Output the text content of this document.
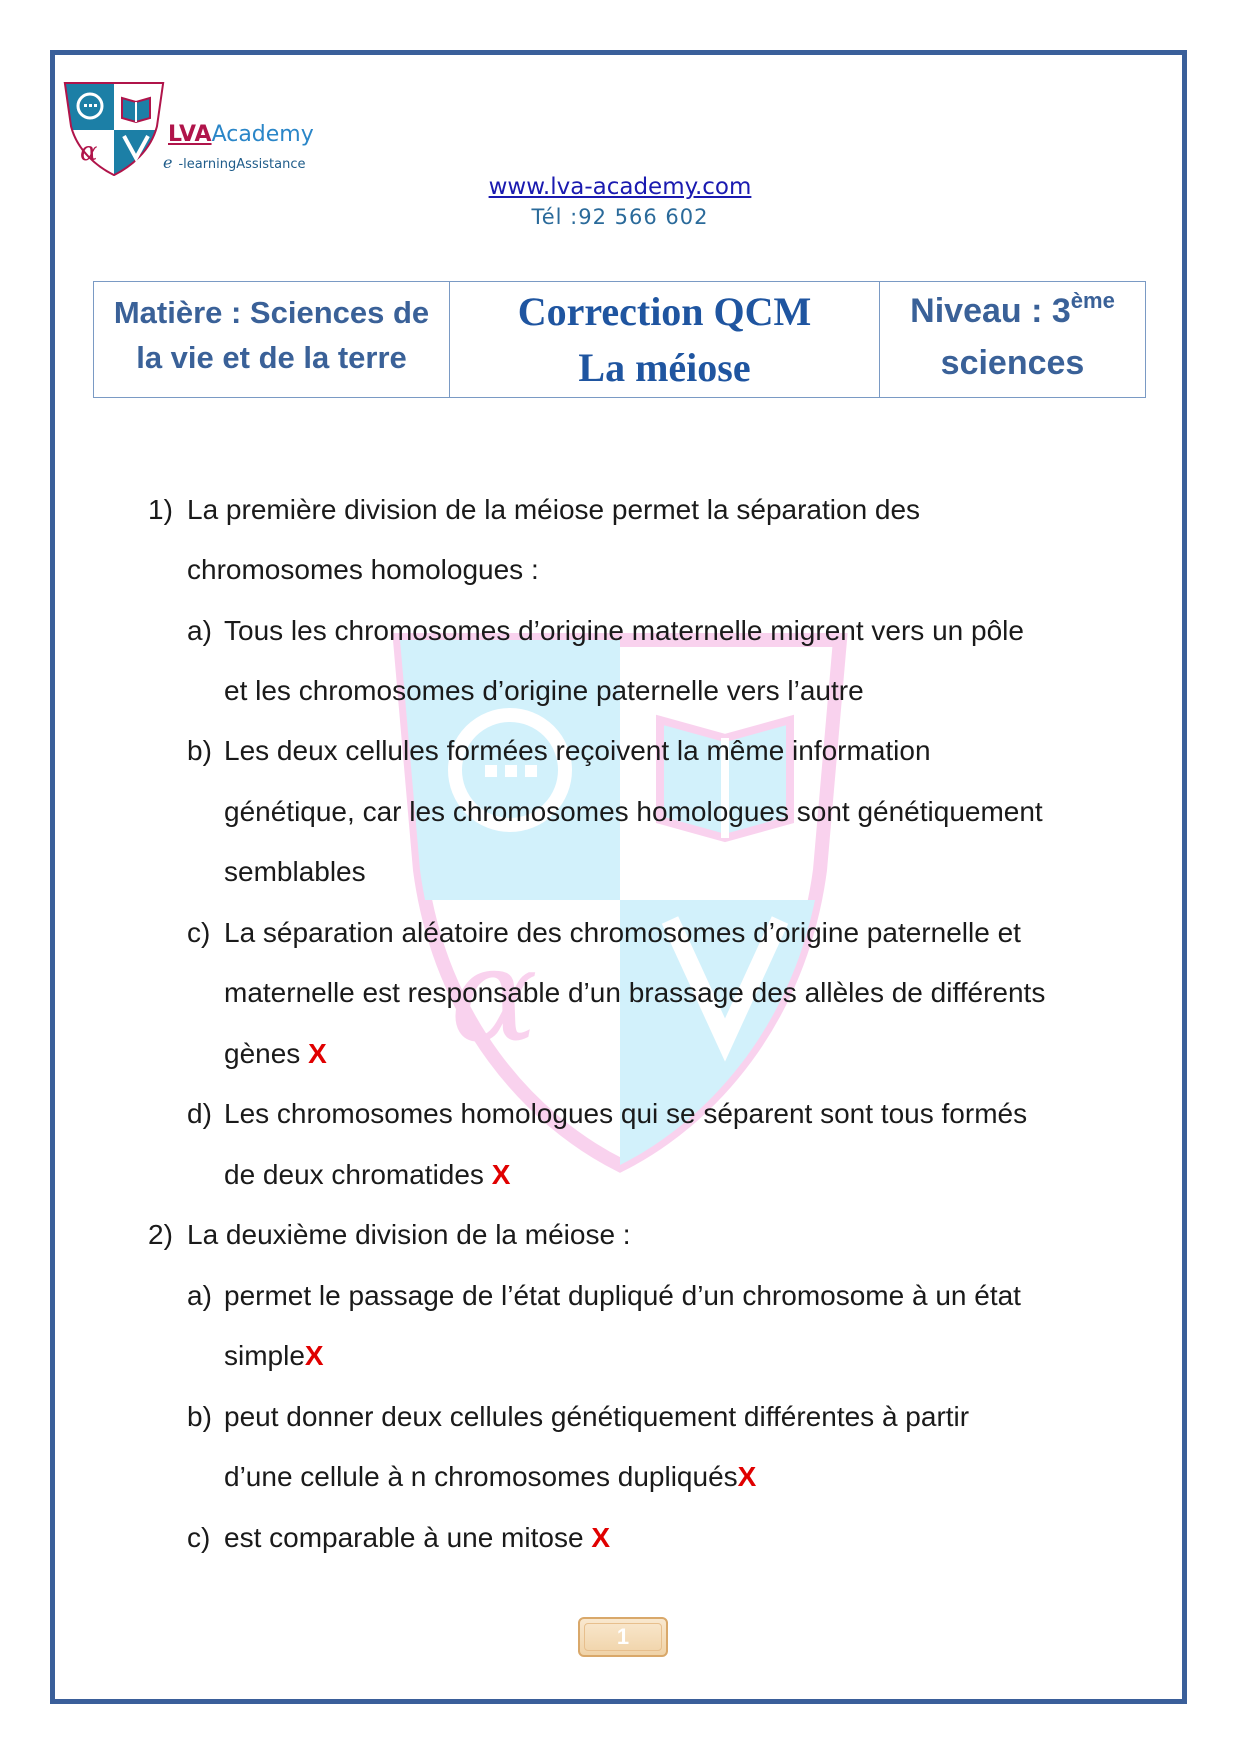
α
LVAAcademy
e -learningAssistance
www.lva-academy.com
Tél :92 566 602
Matière : Sciences de
la vie et de la terre
Correction QCM
La méiose
Niveau : 3ème
sciences
α
1) La première division de la méiose permet la séparation des
chromosomes homologues :
a) Tous les chromosomes d’origine maternelle migrent vers un pôle
et les chromosomes d’origine paternelle vers l’autre
b) Les deux cellules formées reçoivent la même information
génétique, car les chromosomes homologues sont génétiquement
semblables
c) La séparation aléatoire des chromosomes d’origine paternelle et
maternelle est responsable d’un brassage des allèles de différents
gènes X
d) Les chromosomes homologues qui se séparent sont tous formés
de deux chromatides X
2) La deuxième division de la méiose :
a) permet le passage de l’état dupliqué d’un chromosome à un état
simpleX
b) peut donner deux cellules génétiquement différentes à partir
d’une cellule à n chromosomes dupliquésX
c) est comparable à une mitose X
1
